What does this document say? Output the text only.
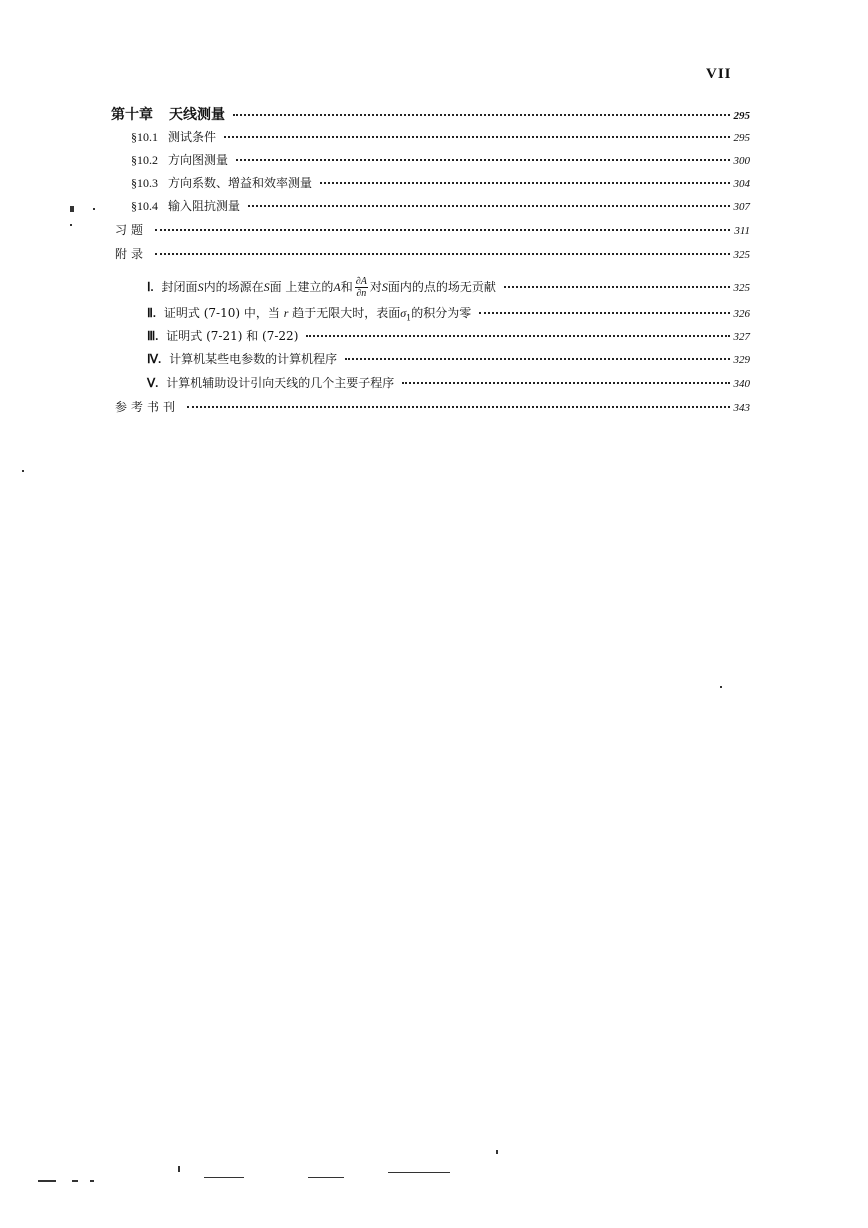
VII
第十章 天线测量	295
§10.1 测试条件	295
§10.2 方向图测量	300
§10.3 方向系数、增益和效率测量	304
§10.4 输入阻抗测量	307
习题	311
附录	325
Ⅰ. 封闭面S内的场源在S面 上建立的A和 $\frac{\partial A}{\partial n}$ 对S面内的点的场无贡献	325
Ⅱ. 证明式 (7-10) 中，当 r 趋于无限大时，表面$\sigma_1$的积分为零	326
Ⅲ. 证明式 (7-21) 和 (7-22)	327
Ⅳ. 计算机某些电参数的计算机程序	329
Ⅴ. 计算机辅助设计引向天线的几个主要子程序	340
参考书刊	343
